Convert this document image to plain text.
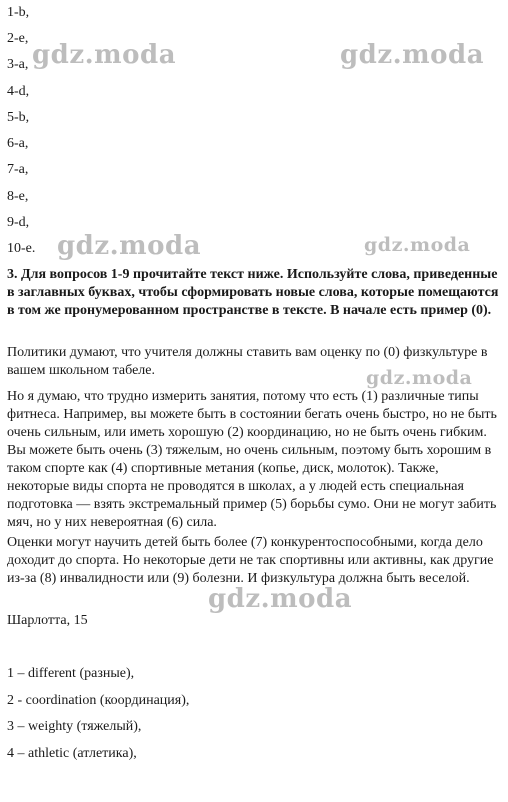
1-b,
2-e,
3-a,
4-d,
5-b,
6-a,
7-a,
8-e,
9-d,
10-e.
3. Для вопросов 1-9 прочитайте текст ниже. Используйте слова, приведенные в заглавных буквах, чтобы сформировать новые слова, которые помещаются в том же пронумерованном пространстве в тексте. В начале есть пример (0).
Политики думают, что учителя должны ставить вам оценку по (0) физкультуре в вашем школьном табеле.
Но я думаю, что трудно измерить занятия, потому что есть (1) различные типы фитнеса. Например, вы можете быть в состоянии бегать очень быстро, но не быть очень сильным, или иметь хорошую (2) координацию, но не быть очень гибким. Вы можете быть очень (3) тяжелым, но очень сильным, поэтому быть хорошим в таком спорте как (4) спортивные метания (копье, диск, молоток). Также, некоторые виды спорта не проводятся в школах, а у людей есть специальная подготовка — взять экстремальный пример (5) борьбы сумо. Они не могут забить мяч, но у них невероятная (6) сила.
Оценки могут научить детей быть более (7) конкурентоспособными, когда дело доходит до спорта. Но некоторые дети не так спортивны или активны, как другие из-за (8) инвалидности или (9) болезни. И физкультура должна быть веселой.
Шарлотта, 15
1 – different (разные),
2 - coordination (координация),
3 – weighty (тяжелый),
4 – athletic (атлетика),
gdz.moda	gdz.moda
gdz.moda	gdz.moda
gdz.moda
gdz.moda
